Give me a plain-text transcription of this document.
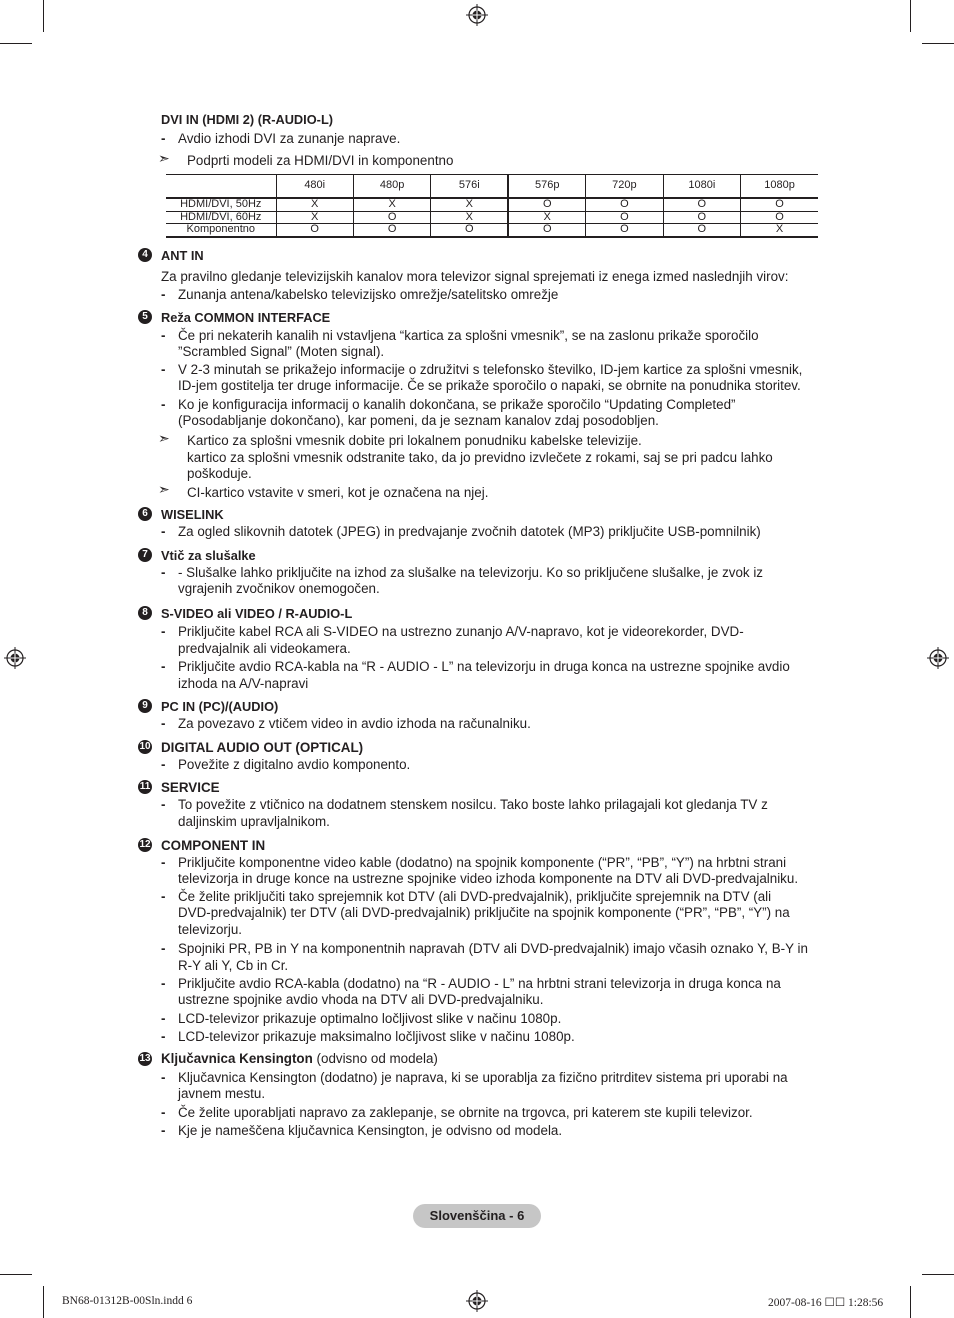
DVI IN (HDMI 2) (R-AUDIO-L)
- Avdio izhodi DVI za zunanje naprave.
➣ Podprti modeli za HDMI/DVI in komponentno
	480i	480p	576i	576p	720p	1080i	1080p
HDMI/DVI, 50Hz	X	X	X	O	O	O	O
HDMI/DVI, 60Hz	X	O	X	X	O	O	O
Komponentno	O	O	O	O	O	O	X
4	ANT IN
Za pravilno gledanje televizijskih kanalov mora televizor signal sprejemati iz enega izmed naslednjih virov:
- Zunanja antena/kabelsko televizijsko omrežje/satelitsko omrežje
5	Reža COMMON INTERFACE
- Če pri nekaterih kanalih ni vstavljena “kartica za splošni vmesnik”, se na zaslonu prikaže sporočilo
”Scrambled Signal” (Moten signal).
- V 2-3 minutah se prikažejo informacije o združitvi s telefonsko številko, ID-jem kartice za splošni vmesnik,
ID-jem gostitelja ter druge informacije. Če se prikaže sporočilo o napaki, se obrnite na ponudnika storitev.
- Ko je konfiguracija informacij o kanalih dokončana, se prikaže sporočilo “Updating Completed”
(Posodabljanje dokončano), kar pomeni, da je seznam kanalov zdaj posodobljen.
➣ Kartico za splošni vmesnik dobite pri lokalnem ponudniku kabelske televizije.
kartico za splošni vmesnik odstranite tako, da jo previdno izvlečete z rokami, saj se pri padcu lahko
poškoduje.
➣ CI-kartico vstavite v smeri, kot je označena na njej.
6	WISELINK
- Za ogled slikovnih datotek (JPEG) in predvajanje zvočnih datotek (MP3) priključite USB-pomnilnik)
7	Vtič za slušalke
- - Slušalke lahko priključite na izhod za slušalke na televizorju. Ko so priključene slušalke, je zvok iz
vgrajenih zvočnikov onemogočen.
8	S-VIDEO ali VIDEO / R-AUDIO-L
- Priključite kabel RCA ali S-VIDEO na ustrezno zunanjo A/V-napravo, kot je videorekorder, DVD-
predvajalnik ali videokamera.
- Priključite avdio RCA-kabla na “R - AUDIO - L” na televizorju in druga konca na ustrezne spojnike avdio
izhoda na A/V-napravi
9	PC IN (PC)/(AUDIO)
- Za povezavo z vtičem video in avdio izhoda na računalniku.
10 DIGITAL AUDIO OUT (OPTICAL)
- Povežite z digitalno avdio komponento.
11 SERVICE
- To povežite z vtičnico na dodatnem stenskem nosilcu. Tako boste lahko prilagajali kot gledanja TV z
daljinskim upravljalnikom.
12 COMPONENT IN
- Priključite komponentne video kable (dodatno) na spojnik komponente (“PR”, “PB”, “Y”) na hrbtni strani
televizorja in druge konce na ustrezne spojnike video izhoda komponente na DTV ali DVD-predvajalniku.
- Če želite priključiti tako sprejemnik kot DTV (ali DVD-predvajalnik), priključite sprejemnik na DTV (ali
DVD-predvajalnik) ter DTV (ali DVD-predvajalnik) priključite na spojnik komponente (“PR”, “PB”, “Y”) na
televizorju.
- Spojniki PR, PB in Y na komponentnih napravah (DTV ali DVD-predvajalnik) imajo včasih oznako Y, B-Y in
R-Y ali Y, Cb in Cr.
- Priključite avdio RCA-kabla (dodatno) na “R - AUDIO - L” na hrbtni strani televizorja in druga konca na
ustrezne spojnike avdio vhoda na DTV ali DVD-predvajalniku.
- LCD-televizor prikazuje optimalno ločljivost slike v načinu 1080p.
- LCD-televizor prikazuje maksimalno ločljivost slike v načinu 1080p.
13 Ključavnica Kensington (odvisno od modela)
- Ključavnica Kensington (dodatno) je naprava, ki se uporablja za fizično pritrditev sistema pri uporabi na
javnem mestu.
- Če želite uporabljati napravo za zaklepanje, se obrnite na trgovca, pri katerem ste kupili televizor.
- Kje je nameščena ključavnica Kensington, je odvisno od modela.
Slovenščina - 6
BN68-01312B-00Sln.indd 6	2007-08-16 ☐☐ 1:28:56
